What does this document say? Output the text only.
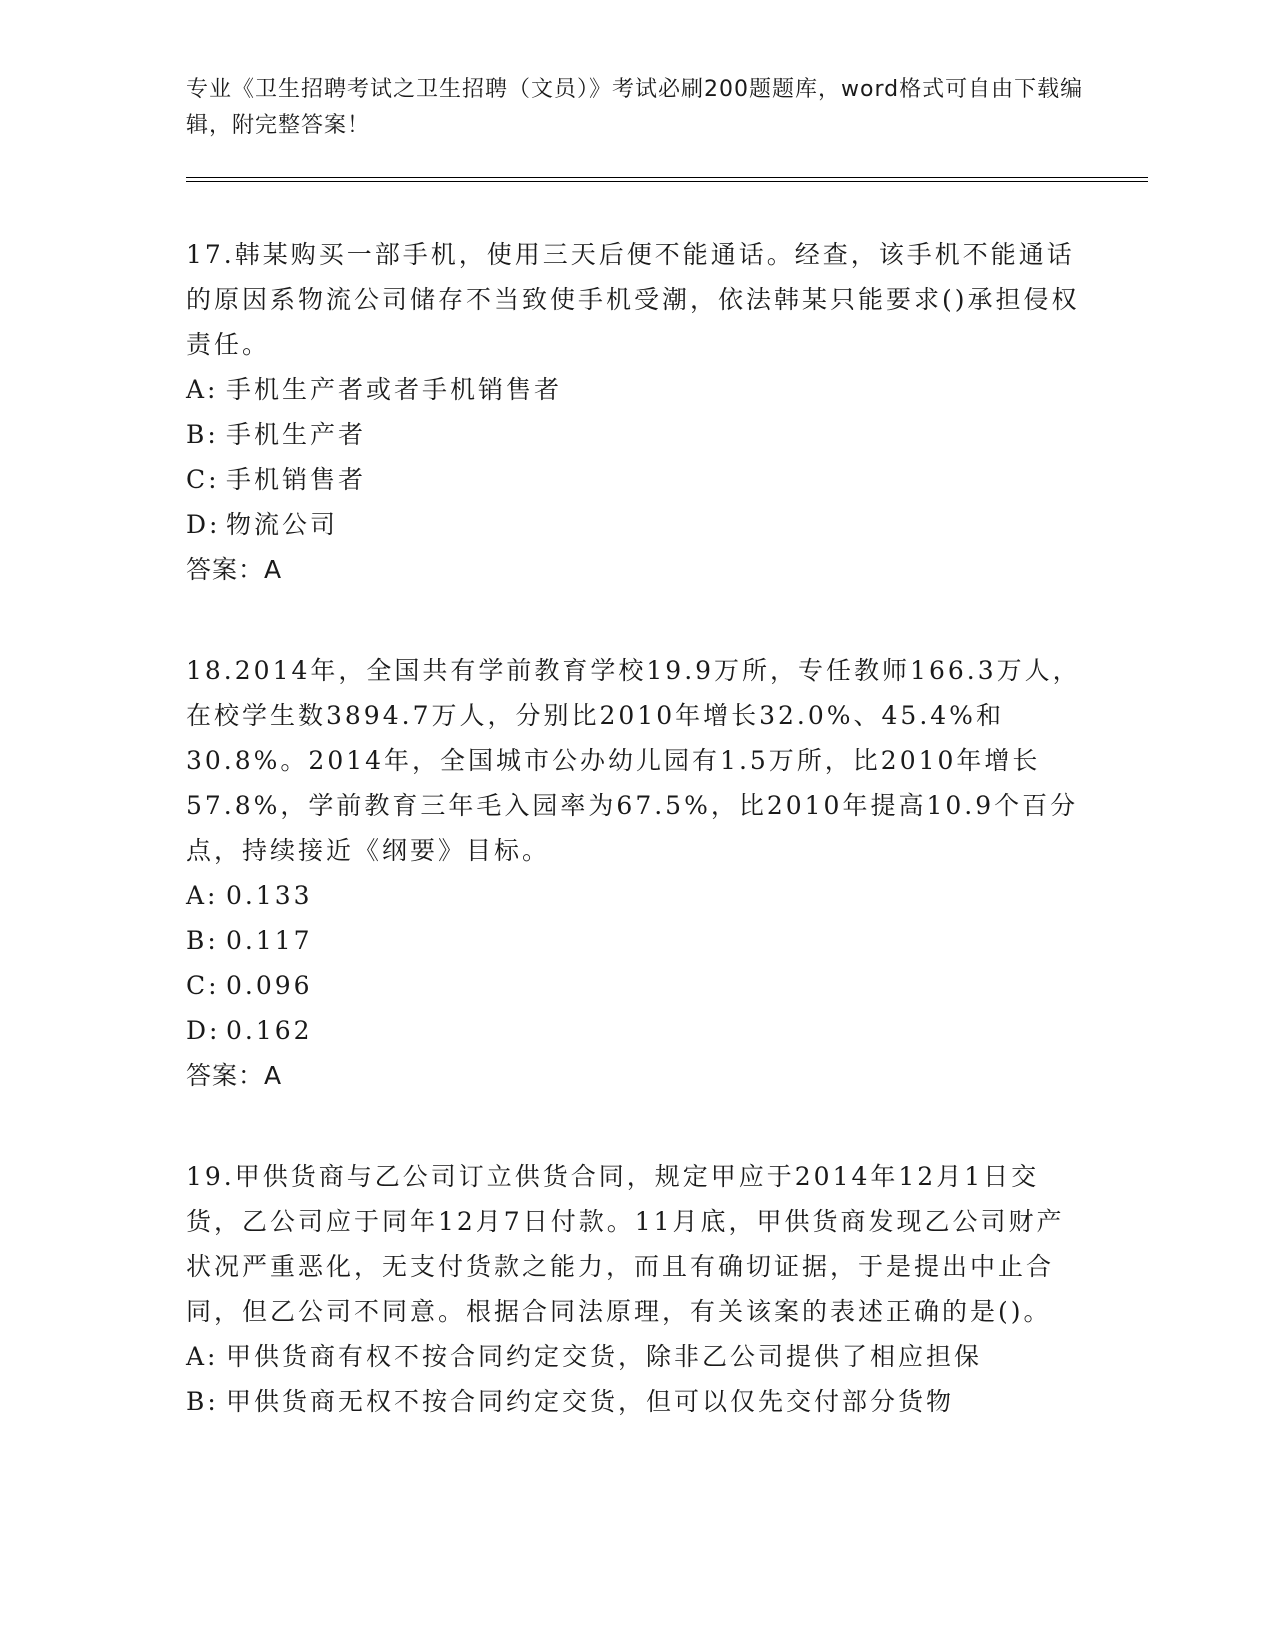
专业《卫生招聘考试之卫生招聘（文员）》考试必刷200题题库，word格式可自由下载编辑，附完整答案！

17.韩某购买一部手机，使用三天后便不能通话。经查，该手机不能通话的原因系物流公司储存不当致使手机受潮，依法韩某只能要求()承担侵权责任。

A: 手机生产者或者手机销售者

B: 手机生产者

C: 手机销售者

D: 物流公司

答案：A

18.2014年，全国共有学前教育学校19.9万所，专任教师166.3万人，在校学生数3894.7万人，分别比2010年增长32.0%、45.4%和30.8%。2014年，全国城市公办幼儿园有1.5万所，比2010年增长57.8%，学前教育三年毛入园率为67.5%，比2010年提高10.9个百分点，持续接近《纲要》目标。

A: 0.133

B: 0.117

C: 0.096

D: 0.162

答案：A

19.甲供货商与乙公司订立供货合同，规定甲应于2014年12月1日交货，乙公司应于同年12月7日付款。11月底，甲供货商发现乙公司财产状况严重恶化，无支付货款之能力，而且有确切证据，于是提出中止合同，但乙公司不同意。根据合同法原理，有关该案的表述正确的是()。

A: 甲供货商有权不按合同约定交货，除非乙公司提供了相应担保

B: 甲供货商无权不按合同约定交货，但可以仅先交付部分货物
